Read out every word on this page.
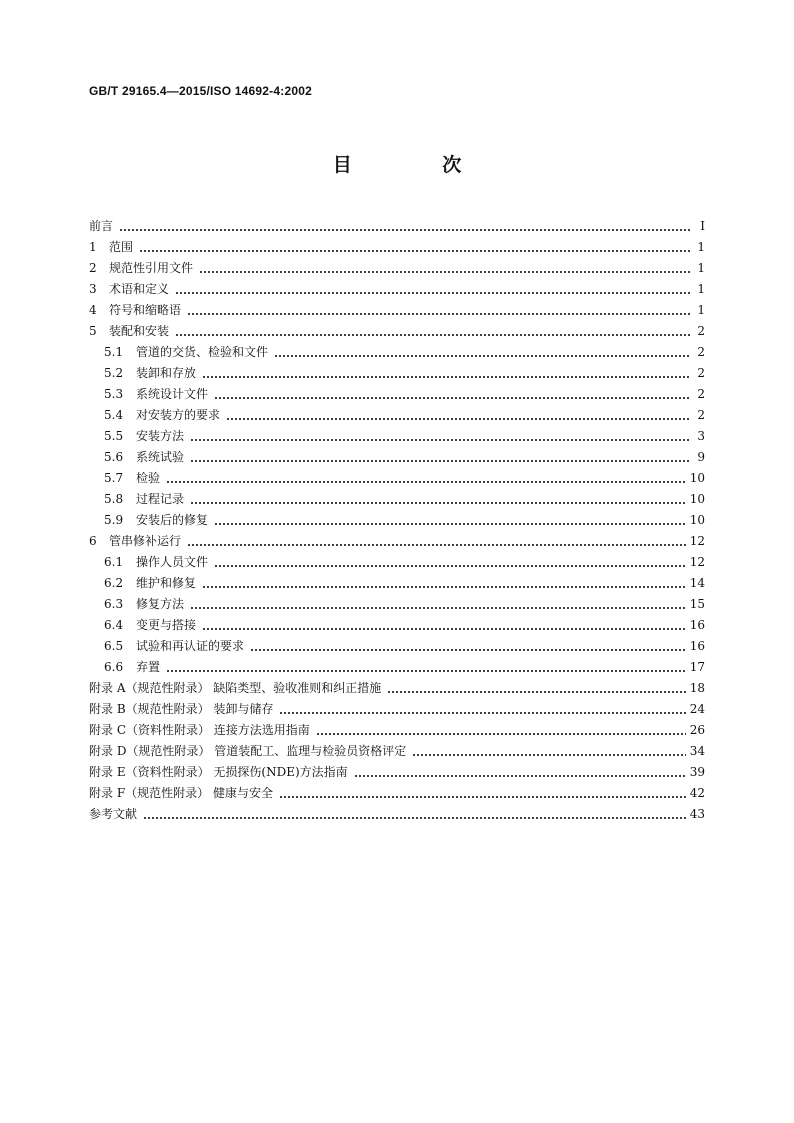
GB/T 29165.4—2015/ISO 14692-4:2002
目 次
前言	I
1	范围	1
2	规范性引用文件	1
3	术语和定义	1
4	符号和缩略语	1
5	装配和安装	2
5.1	管道的交货、检验和文件	2
5.2	装卸和存放	2
5.3	系统设计文件	2
5.4	对安装方的要求	2
5.5	安装方法	3
5.6	系统试验	9
5.7	检验	10
5.8	过程记录	10
5.9	安装后的修复	10
6	管串修补运行	12
6.1	操作人员文件	12
6.2	维护和修复	14
6.3	修复方法	15
6.4	变更与搭接	16
6.5	试验和再认证的要求	16
6.6	弃置	17
附录 A（规范性附录） 缺陷类型、验收准则和纠正措施	18
附录 B（规范性附录） 装卸与储存	24
附录 C（资料性附录） 连接方法选用指南	26
附录 D（规范性附录） 管道装配工、监理与检验员资格评定	34
附录 E（资料性附录） 无损探伤(NDE)方法指南	39
附录 F（规范性附录） 健康与安全	42
参考文献	43
